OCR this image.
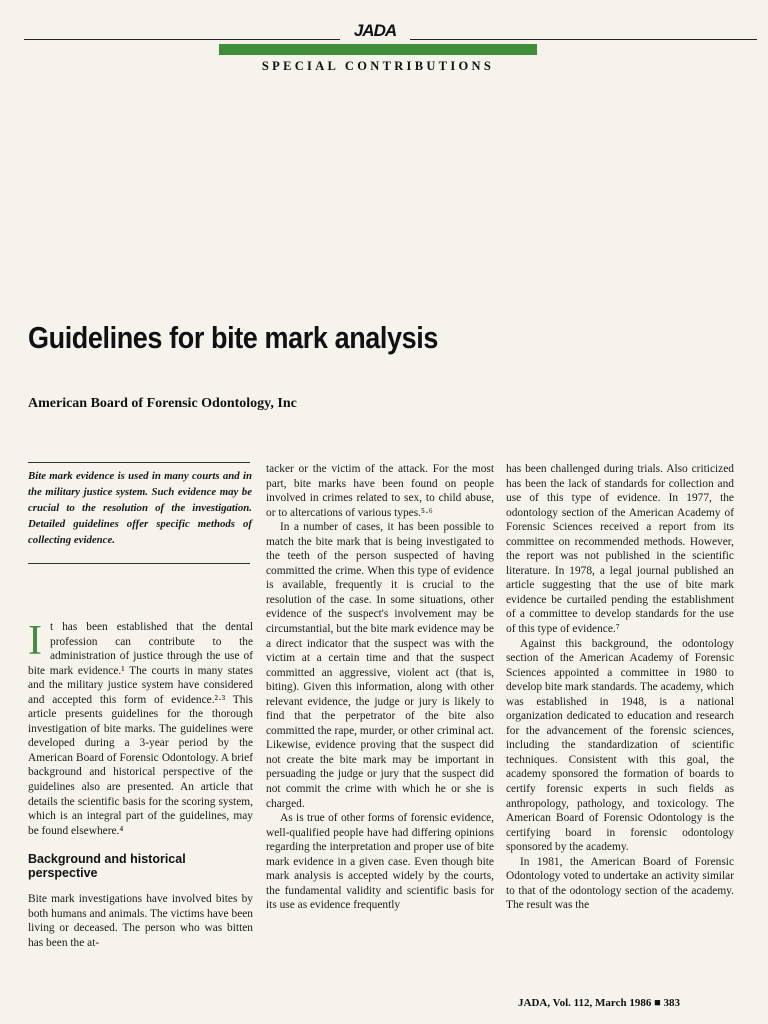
JADA
SPECIAL CONTRIBUTIONS
Guidelines for bite mark analysis
American Board of Forensic Odontology, Inc

Bite mark evidence is used in many courts and in the military justice system. Such evidence may be crucial to the resolution of the investigation. Detailed guidelines offer specific methods of collecting evidence.

It has been established that the dental profession can contribute to the administration of justice through the use of bite mark evidence.¹ The courts in many states and the military justice system have considered and accepted this form of evidence.²·³ This article presents guidelines for the thorough investigation of bite marks. The guidelines were developed during a 3-year period by the American Board of Forensic Odontology. A brief background and historical perspective of the guidelines also are presented. An article that details the scientific basis for the scoring system, which is an integral part of the guidelines, may be found elsewhere.⁴

Background and historical perspective

Bite mark investigations have involved bites by both humans and animals. The victims have been living or deceased. The person who was bitten has been the at-

tacker or the victim of the attack. For the most part, bite marks have been found on people involved in crimes related to sex, to child abuse, or to altercations of various types.⁵·⁶

In a number of cases, it has been possible to match the bite mark that is being investigated to the teeth of the person suspected of having committed the crime. When this type of evidence is available, frequently it is crucial to the resolution of the case. In some situations, other evidence of the suspect's involvement may be circumstantial, but the bite mark evidence may be a direct indicator that the suspect was with the victim at a certain time and that the suspect committed an aggressive, violent act (that is, biting). Given this information, along with other relevant evidence, the judge or jury is likely to find that the perpetrator of the bite also committed the rape, murder, or other criminal act. Likewise, evidence proving that the suspect did not create the bite mark may be important in persuading the judge or jury that the suspect did not commit the crime with which he or she is charged.

As is true of other forms of forensic evidence, well-qualified people have had differing opinions regarding the interpretation and proper use of bite mark evidence in a given case. Even though bite mark analysis is accepted widely by the courts, the fundamental validity and scientific basis for its use as evidence frequently

has been challenged during trials. Also criticized has been the lack of standards for collection and use of this type of evidence. In 1977, the odontology section of the American Academy of Forensic Sciences received a report from its committee on recommended methods. However, the report was not published in the scientific literature. In 1978, a legal journal published an article suggesting that the use of bite mark evidence be curtailed pending the establishment of a committee to develop standards for the use of this type of evidence.⁷

Against this background, the odontology section of the American Academy of Forensic Sciences appointed a committee in 1980 to develop bite mark standards. The academy, which was established in 1948, is a national organization dedicated to education and research for the advancement of the forensic sciences, including the standardization of scientific techniques. Consistent with this goal, the academy sponsored the formation of boards to certify forensic experts in such fields as anthropology, pathology, and toxicology. The American Board of Forensic Odontology is the certifying board in forensic odontology sponsored by the academy.

In 1981, the American Board of Forensic Odontology voted to undertake an activity similar to that of the odontology section of the academy. The result was the

JADA, Vol. 112, March 1986 ■ 383
